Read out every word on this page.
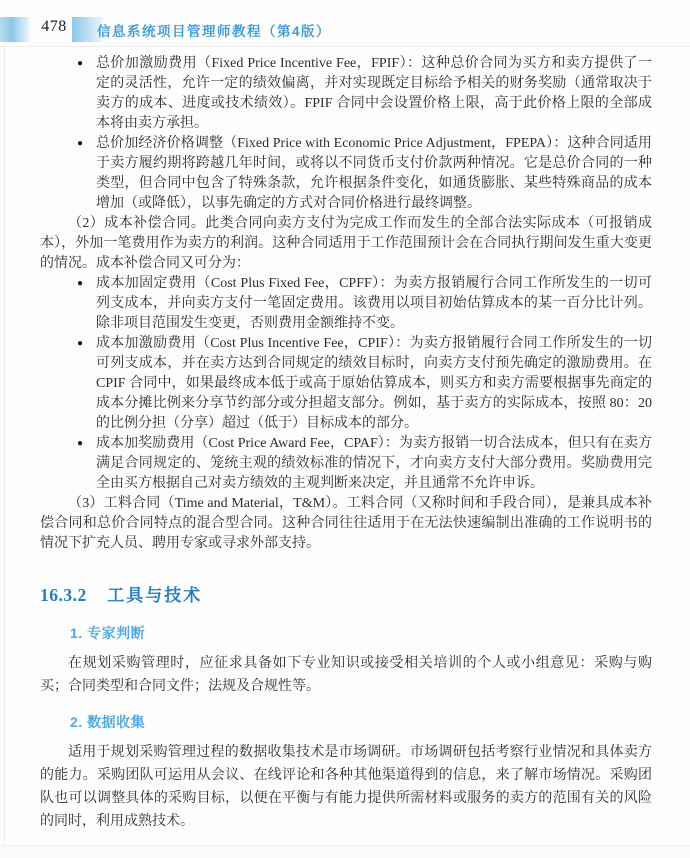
478	信息系统项目管理师教程（第4版）
● 总价加激励费用（Fixed Price Incentive Fee，FPIF）：这种总价合同为买方和卖方提供了一定的灵活性，允许一定的绩效偏离，并对实现既定目标给予相关的财务奖励（通常取决于卖方的成本、进度或技术绩效）。FPIF 合同中会设置价格上限，高于此价格上限的全部成本将由卖方承担。
● 总价加经济价格调整（Fixed Price with Economic Price Adjustment，FPEPA）：这种合同适用于卖方履约期将跨越几年时间，或将以不同货币支付价款两种情况。它是总价合同的一种类型，但合同中包含了特殊条款，允许根据条件变化，如通货膨胀、某些特殊商品的成本增加（或降低），以事先确定的方式对合同价格进行最终调整。

（2）成本补偿合同。此类合同向卖方支付为完成工作而发生的全部合法实际成本（可报销成本），外加一笔费用作为卖方的利润。这种合同适用于工作范围预计会在合同执行期间发生重大变更的情况。成本补偿合同又可分为：

● 成本加固定费用（Cost Plus Fixed Fee，CPFF）：为卖方报销履行合同工作所发生的一切可列支成本，并向卖方支付一笔固定费用。该费用以项目初始估算成本的某一百分比计列。除非项目范围发生变更，否则费用金额维持不变。
● 成本加激励费用（Cost Plus Incentive Fee，CPIF）：为卖方报销履行合同工作所发生的一切可列支成本，并在卖方达到合同规定的绩效目标时，向卖方支付预先确定的激励费用。在 CPIF 合同中，如果最终成本低于或高于原始估算成本，则买方和卖方需要根据事先商定的成本分摊比例来分享节约部分或分担超支部分。例如，基于卖方的实际成本，按照 80：20 的比例分担（分享）超过（低于）目标成本的部分。
● 成本加奖励费用（Cost Price Award Fee，CPAF）：为卖方报销一切合法成本，但只有在卖方满足合同规定的、笼统主观的绩效标准的情况下，才向卖方支付大部分费用。奖励费用完全由买方根据自己对卖方绩效的主观判断来决定，并且通常不允许申诉。

（3）工料合同（Time and Material，T&M）。工料合同（又称时间和手段合同），是兼具成本补偿合同和总价合同特点的混合型合同。这种合同往往适用于在无法快速编制出准确的工作说明书的情况下扩充人员、聘用专家或寻求外部支持。

16.3.2 工具与技术
1. 专家判断

在规划采购管理时，应征求具备如下专业知识或接受相关培训的个人或小组意见：采购与购买；合同类型和合同文件；法规及合规性等。

2. 数据收集

适用于规划采购管理过程的数据收集技术是市场调研。市场调研包括考察行业情况和具体卖方的能力。采购团队可运用从会议、在线评论和各种其他渠道得到的信息，来了解市场情况。采购团队也可以调整具体的采购目标，以便在平衡与有能力提供所需材料或服务的卖方的范围有关的风险的同时，利用成熟技术。
